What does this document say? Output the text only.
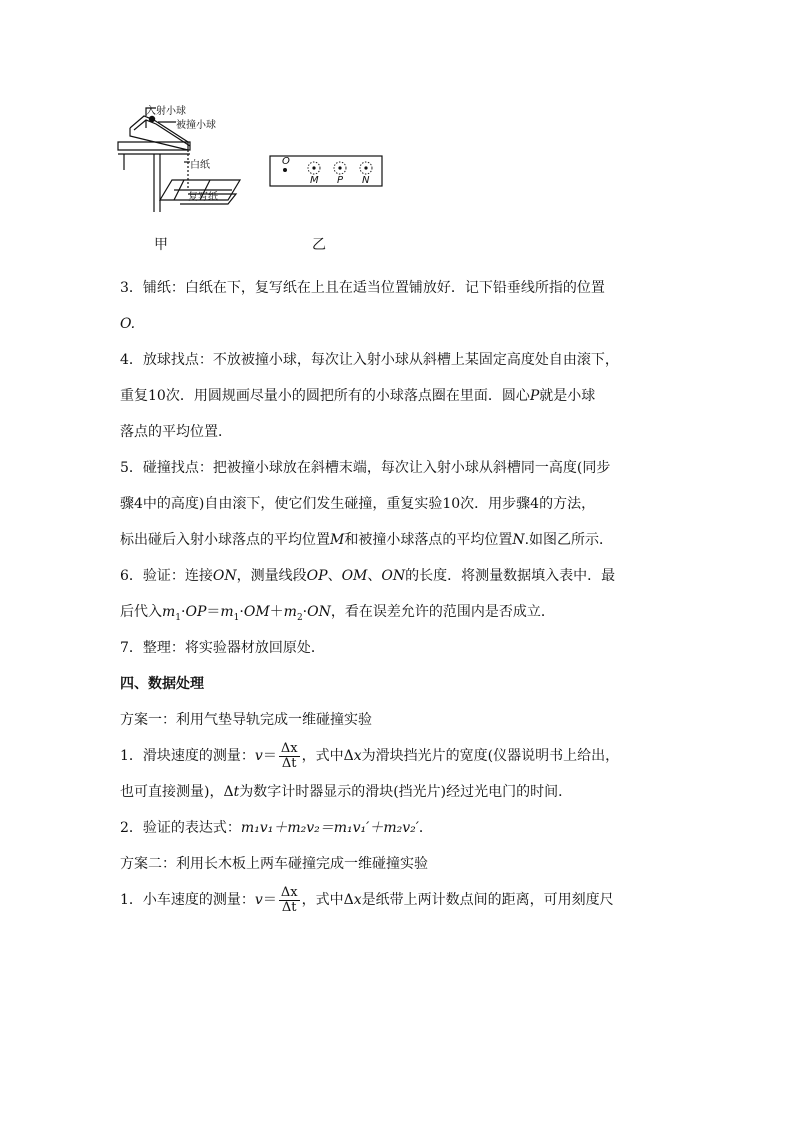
入射小球
被撞小球
白纸
复写纸
O
M P N
甲	乙

3．铺纸：白纸在下，复写纸在上且在适当位置铺放好．记下铅垂线所指的位置

O.

4．放球找点：不放被撞小球，每次让入射小球从斜槽上某固定高度处自由滚下，

重复10次．用圆规画尽量小的圆把所有的小球落点圈在里面．圆心P就是小球

落点的平均位置．

5．碰撞找点：把被撞小球放在斜槽末端，每次让入射小球从斜槽同一高度(同步

骤4中的高度)自由滚下，使它们发生碰撞，重复实验10次．用步骤4的方法，

标出碰后入射小球落点的平均位置M和被撞小球落点的平均位置N.如图乙所示．

6．验证：连接ON，测量线段OP、OM、ON的长度．将测量数据填入表中．最

后代入$m_1\cdot OP=m_1\cdot OM+m_2\cdot ON$，看在误差允许的范围内是否成立．

7．整理：将实验器材放回原处．

四、数据处理

方案一：利用气垫导轨完成一维碰撞实验

1．滑块速度的测量：$v= \frac{\Delta x}{\Delta t}$ ，式中Δx为滑块挡光片的宽度(仪器说明书上给出，

也可直接测量)，Δt为数字计时器显示的滑块(挡光片)经过光电门的时间．

2．验证的表达式：m₁v₁＋m₂v₂＝m₁v₁′＋m₂v₂′．

方案二：利用长木板上两车碰撞完成一维碰撞实验

1．小车速度的测量：$v= \frac{\Delta x}{\Delta t}$ ，式中Δx是纸带上两计数点间的距离，可用刻度尺
